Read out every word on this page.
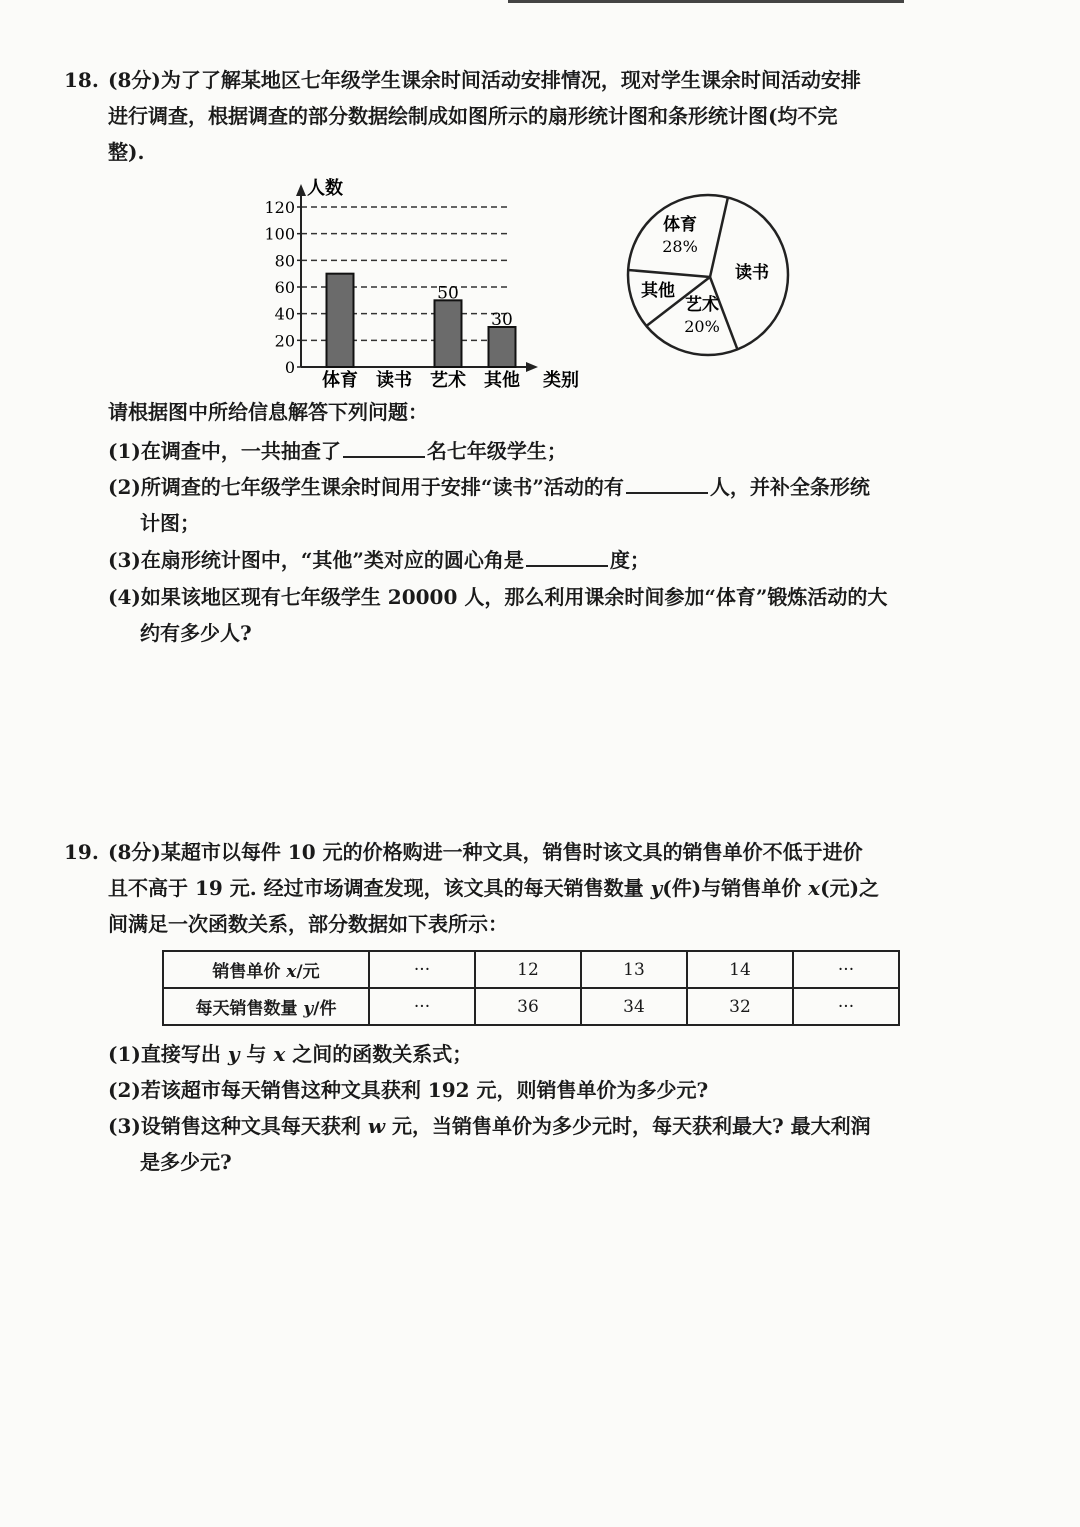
18. (8分)为了了解某地区七年级学生课余时间活动安排情况，现对学生课余时间活动安排
进行调查，根据调查的部分数据绘制成如图所示的扇形统计图和条形统计图(均不完
整).
0
20
40
60
80
100
120
人数
类别
体育 读书 艺术
50
其他
30
体育
28%
读书
艺术
20%
其他
请根据图中所给信息解答下列问题：
(1)在调查中，一共抽查了	名七年级学生；
(2)所调查的七年级学生课余时间用于安排“读书”活动的有	人，并补全条形统
计图；
(3)在扇形统计图中，“其他”类对应的圆心角是	度；
(4)如果该地区现有七年级学生 20000 人，那么利用课余时间参加“体育”锻炼活动的大
约有多少人?
19. (8分)某超市以每件 10 元的价格购进一种文具，销售时该文具的销售单价不低于进价
且不高于 19 元. 经过市场调查发现，该文具的每天销售数量 y(件)与销售单价 x(元)之
间满足一次函数关系，部分数据如下表所示：
销售单价 x/元	···	12	13	14	···
每天销售数量 y/件	···	36	34	32	···
(1)直接写出 y 与 x 之间的函数关系式；
(2)若该超市每天销售这种文具获利 192 元，则销售单价为多少元?
(3)设销售这种文具每天获利 w 元，当销售单价为多少元时，每天获利最大? 最大利润
是多少元?
